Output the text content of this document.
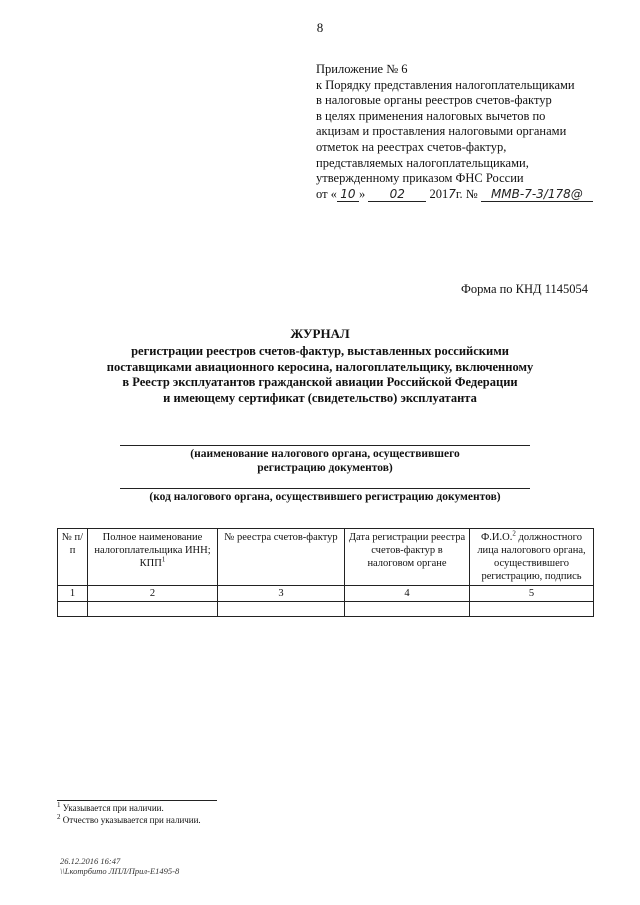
8
Приложение № 6
к Порядку представления налогоплательщиками
в налоговые органы реестров счетов-фактур
в целях применения налоговых вычетов по
акцизам и проставления налоговыми органами
отметок на реестрах счетов-фактур,
представляемых налогоплательщиками,
утвержденному приказом ФНС России
от « 10 » 02 2017г. № ММВ-7-3/178@
Форма по КНД 1145054
ЖУРНАЛ
регистрации реестров счетов-фактур, выставленных российскими
поставщиками авиационного керосина, налогоплательщику, включенному
в Реестр эксплуатантов гражданской авиации Российской Федерации
и имеющему сертификат (свидетельство) эксплуатанта
(наименование налогового органа, осуществившего
регистрацию документов)
(код налогового органа, осуществившего регистрацию документов)
№ п/п	Полное наименование налогоплательщика ИНН; КПП$^1$	№ реестра счетов-фактур	Дата регистрации реестра счетов-фактур в налоговом органе	Ф.И.О.$^2$ должностного лица налогового органа, осуществившего регистрацию, подпись
1	2	3	4	5

$^1$ Указывается при наличии.
$^2$ Отчество указывается при наличии.
26.12.2016 16:47
\\Lкотрбито ЛПЛ/Прил-Е1495-8
